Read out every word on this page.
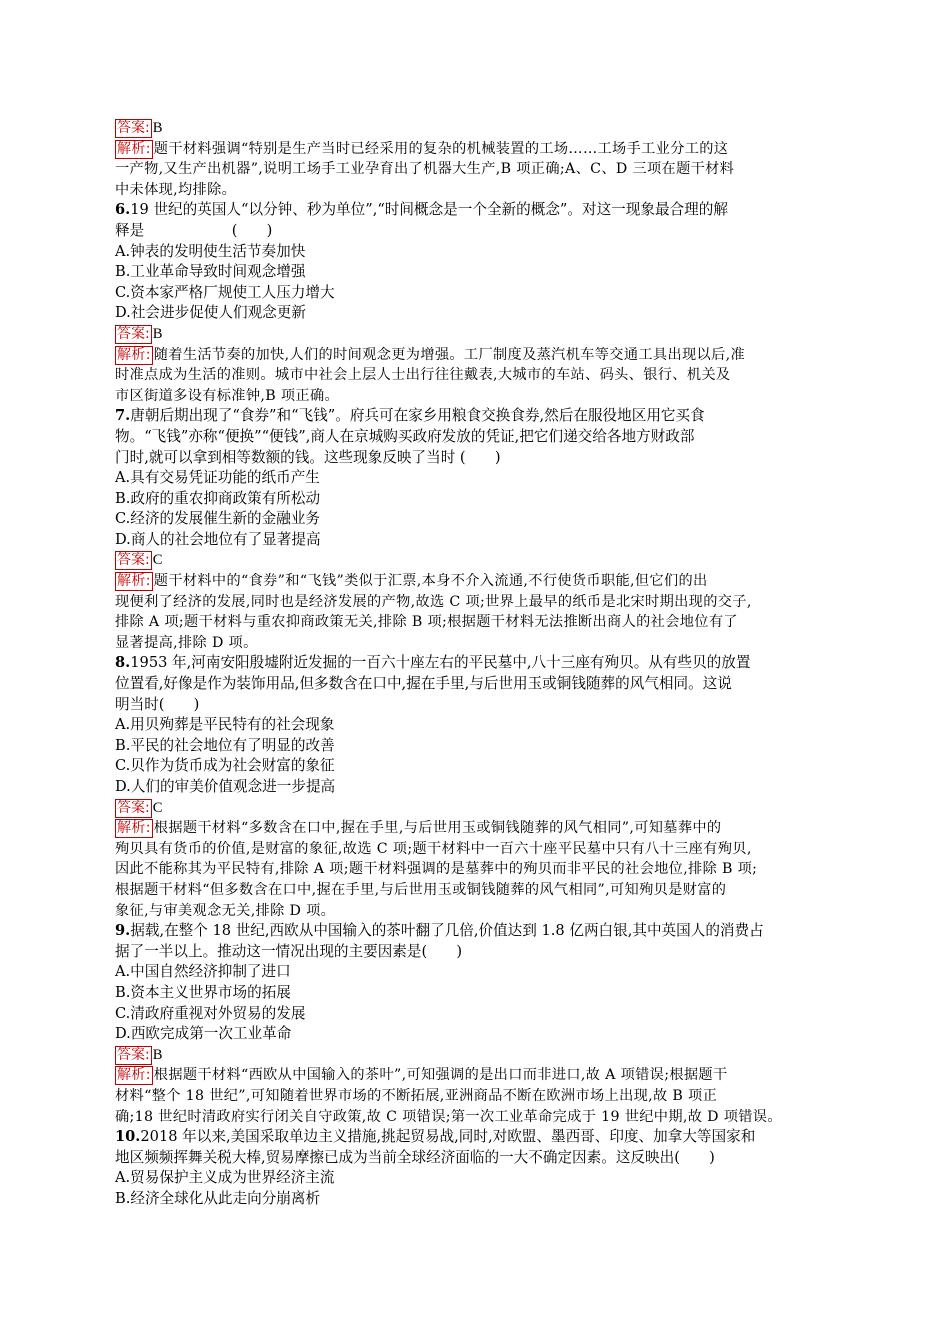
答案: B
解析: 题干材料强调“特别是生产当时已经采用的复杂的机械装置的工场……工场手工业分工的这
一产物,又生产出机器”,说明工场手工业孕育出了机器大生产,B 项正确;A、C、D 三项在题干材料
中未体现,均排除。
6.19 世纪的英国人“以分钟、秒为单位”,“时间概念是一个全新的概念”。对这一现象最合理的解
释是　　　　　　(　　)
A.钟表的发明使生活节奏加快
B.工业革命导致时间观念增强
C.资本家严格厂规使工人压力增大
D.社会进步促使人们观念更新
答案: B
解析: 随着生活节奏的加快,人们的时间观念更为增强。工厂制度及蒸汽机车等交通工具出现以后,准
时准点成为生活的准则。城市中社会上层人士出行往往戴表,大城市的车站、码头、银行、机关及
市区街道多设有标准钟,B 项正确。
7.唐朝后期出现了“食券”和“飞钱”。府兵可在家乡用粮食交换食券,然后在服役地区用它买食
物。“飞钱”亦称“便换”“便钱”,商人在京城购买政府发放的凭证,把它们递交给各地方财政部
门时,就可以拿到相等数额的钱。这些现象反映了当时 (　　)
A.具有交易凭证功能的纸币产生
B.政府的重农抑商政策有所松动
C.经济的发展催生新的金融业务
D.商人的社会地位有了显著提高
答案: C
解析: 题干材料中的“食券”和“飞钱”类似于汇票,本身不介入流通,不行使货币职能,但它们的出
现便利了经济的发展,同时也是经济发展的产物,故选 C 项;世界上最早的纸币是北宋时期出现的交子,
排除 A 项;题干材料与重农抑商政策无关,排除 B 项;根据题干材料无法推断出商人的社会地位有了
显著提高,排除 D 项。
8.1953 年,河南安阳殷墟附近发掘的一百六十座左右的平民墓中,八十三座有殉贝。从有些贝的放置
位置看,好像是作为装饰用品,但多数含在口中,握在手里,与后世用玉或铜钱随葬的风气相同。这说
明当时(　　)
A.用贝殉葬是平民特有的社会现象
B.平民的社会地位有了明显的改善
C.贝作为货币成为社会财富的象征
D.人们的审美价值观念进一步提高
答案: C
解析: 根据题干材料“多数含在口中,握在手里,与后世用玉或铜钱随葬的风气相同”,可知墓葬中的
殉贝具有货币的价值,是财富的象征,故选 C 项;题干材料中一百六十座平民墓中只有八十三座有殉贝,
因此不能称其为平民特有,排除 A 项;题干材料强调的是墓葬中的殉贝而非平民的社会地位,排除 B 项;
根据题干材料“但多数含在口中,握在手里,与后世用玉或铜钱随葬的风气相同”,可知殉贝是财富的
象征,与审美观念无关,排除 D 项。
9.据载,在整个 18 世纪,西欧从中国输入的茶叶翻了几倍,价值达到 1.8 亿两白银,其中英国人的消费占
据了一半以上。推动这一情况出现的主要因素是(　　)
A.中国自然经济抑制了进口
B.资本主义世界市场的拓展
C.清政府重视对外贸易的发展
D.西欧完成第一次工业革命
答案: B
解析: 根据题干材料“西欧从中国输入的茶叶”,可知强调的是出口而非进口,故 A 项错误;根据题干
材料“整个 18 世纪”,可知随着世界市场的不断拓展,亚洲商品不断在欧洲市场上出现,故 B 项正
确;18 世纪时清政府实行闭关自守政策,故 C 项错误;第一次工业革命完成于 19 世纪中期,故 D 项错误。
10.2018 年以来,美国采取单边主义措施,挑起贸易战,同时,对欧盟、墨西哥、印度、加拿大等国家和
地区频频挥舞关税大棒,贸易摩擦已成为当前全球经济面临的一大不确定因素。这反映出(　　)
A.贸易保护主义成为世界经济主流
B.经济全球化从此走向分崩离析
